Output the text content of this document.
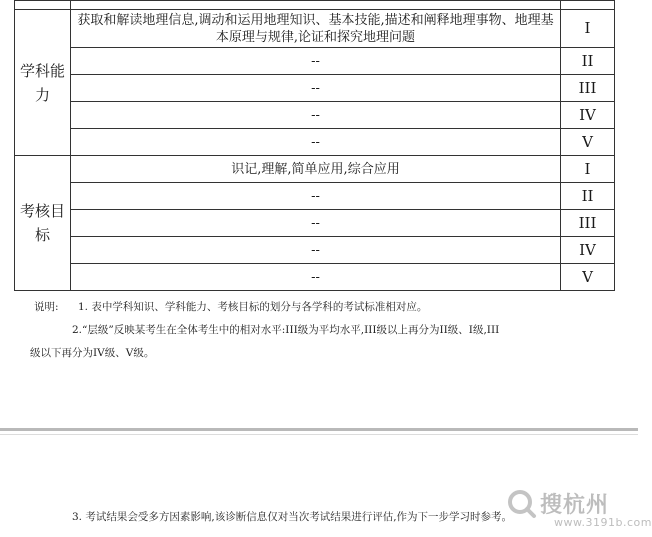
学科能力	获取和解读地理信息,调动和运用地理知识、基本技能,描述和阐释地理事物、地理基本原理与规律,论证和探究地理问题	I
	--	II
	--	III
	--	IV
	--	V
考核目标	识记,理解,简单应用,综合应用	I
	--	II
	--	III
	--	IV
	--	V
说明: 1. 表中学科知识、学科能力、考核目标的划分与各学科的考试标准相对应。
2.“层级”反映某考生在全体考生中的相对水平:III级为平均水平,III级以上再分为II级、I级,III
级以下再分为IV级、V级。
3. 考试结果会受多方因素影响,该诊断信息仅对当次考试结果进行评估,作为下一步学习时参考。	搜杭州
www.3191b.com
